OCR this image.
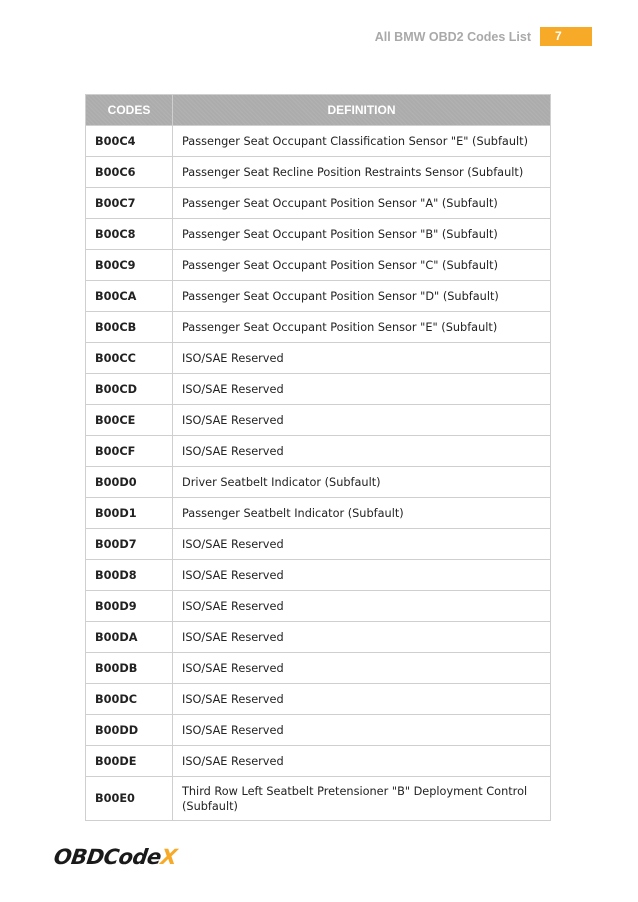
All BMW OBD2 Codes List	7
CODES	DEFINITION
B00C4	Passenger Seat Occupant Classification Sensor "E" (Subfault)
B00C6	Passenger Seat Recline Position Restraints Sensor (Subfault)
B00C7	Passenger Seat Occupant Position Sensor "A" (Subfault)
B00C8	Passenger Seat Occupant Position Sensor "B" (Subfault)
B00C9	Passenger Seat Occupant Position Sensor "C" (Subfault)
B00CA	Passenger Seat Occupant Position Sensor "D" (Subfault)
B00CB	Passenger Seat Occupant Position Sensor "E" (Subfault)
B00CC	ISO/SAE Reserved
B00CD	ISO/SAE Reserved
B00CE	ISO/SAE Reserved
B00CF	ISO/SAE Reserved
B00D0	Driver Seatbelt Indicator (Subfault)
B00D1	Passenger Seatbelt Indicator (Subfault)
B00D7	ISO/SAE Reserved
B00D8	ISO/SAE Reserved
B00D9	ISO/SAE Reserved
B00DA	ISO/SAE Reserved
B00DB	ISO/SAE Reserved
B00DC	ISO/SAE Reserved
B00DD	ISO/SAE Reserved
B00DE	ISO/SAE Reserved
B00E0	Third Row Left Seatbelt Pretensioner "B" Deployment Control (Subfault)
OBDCode
X
